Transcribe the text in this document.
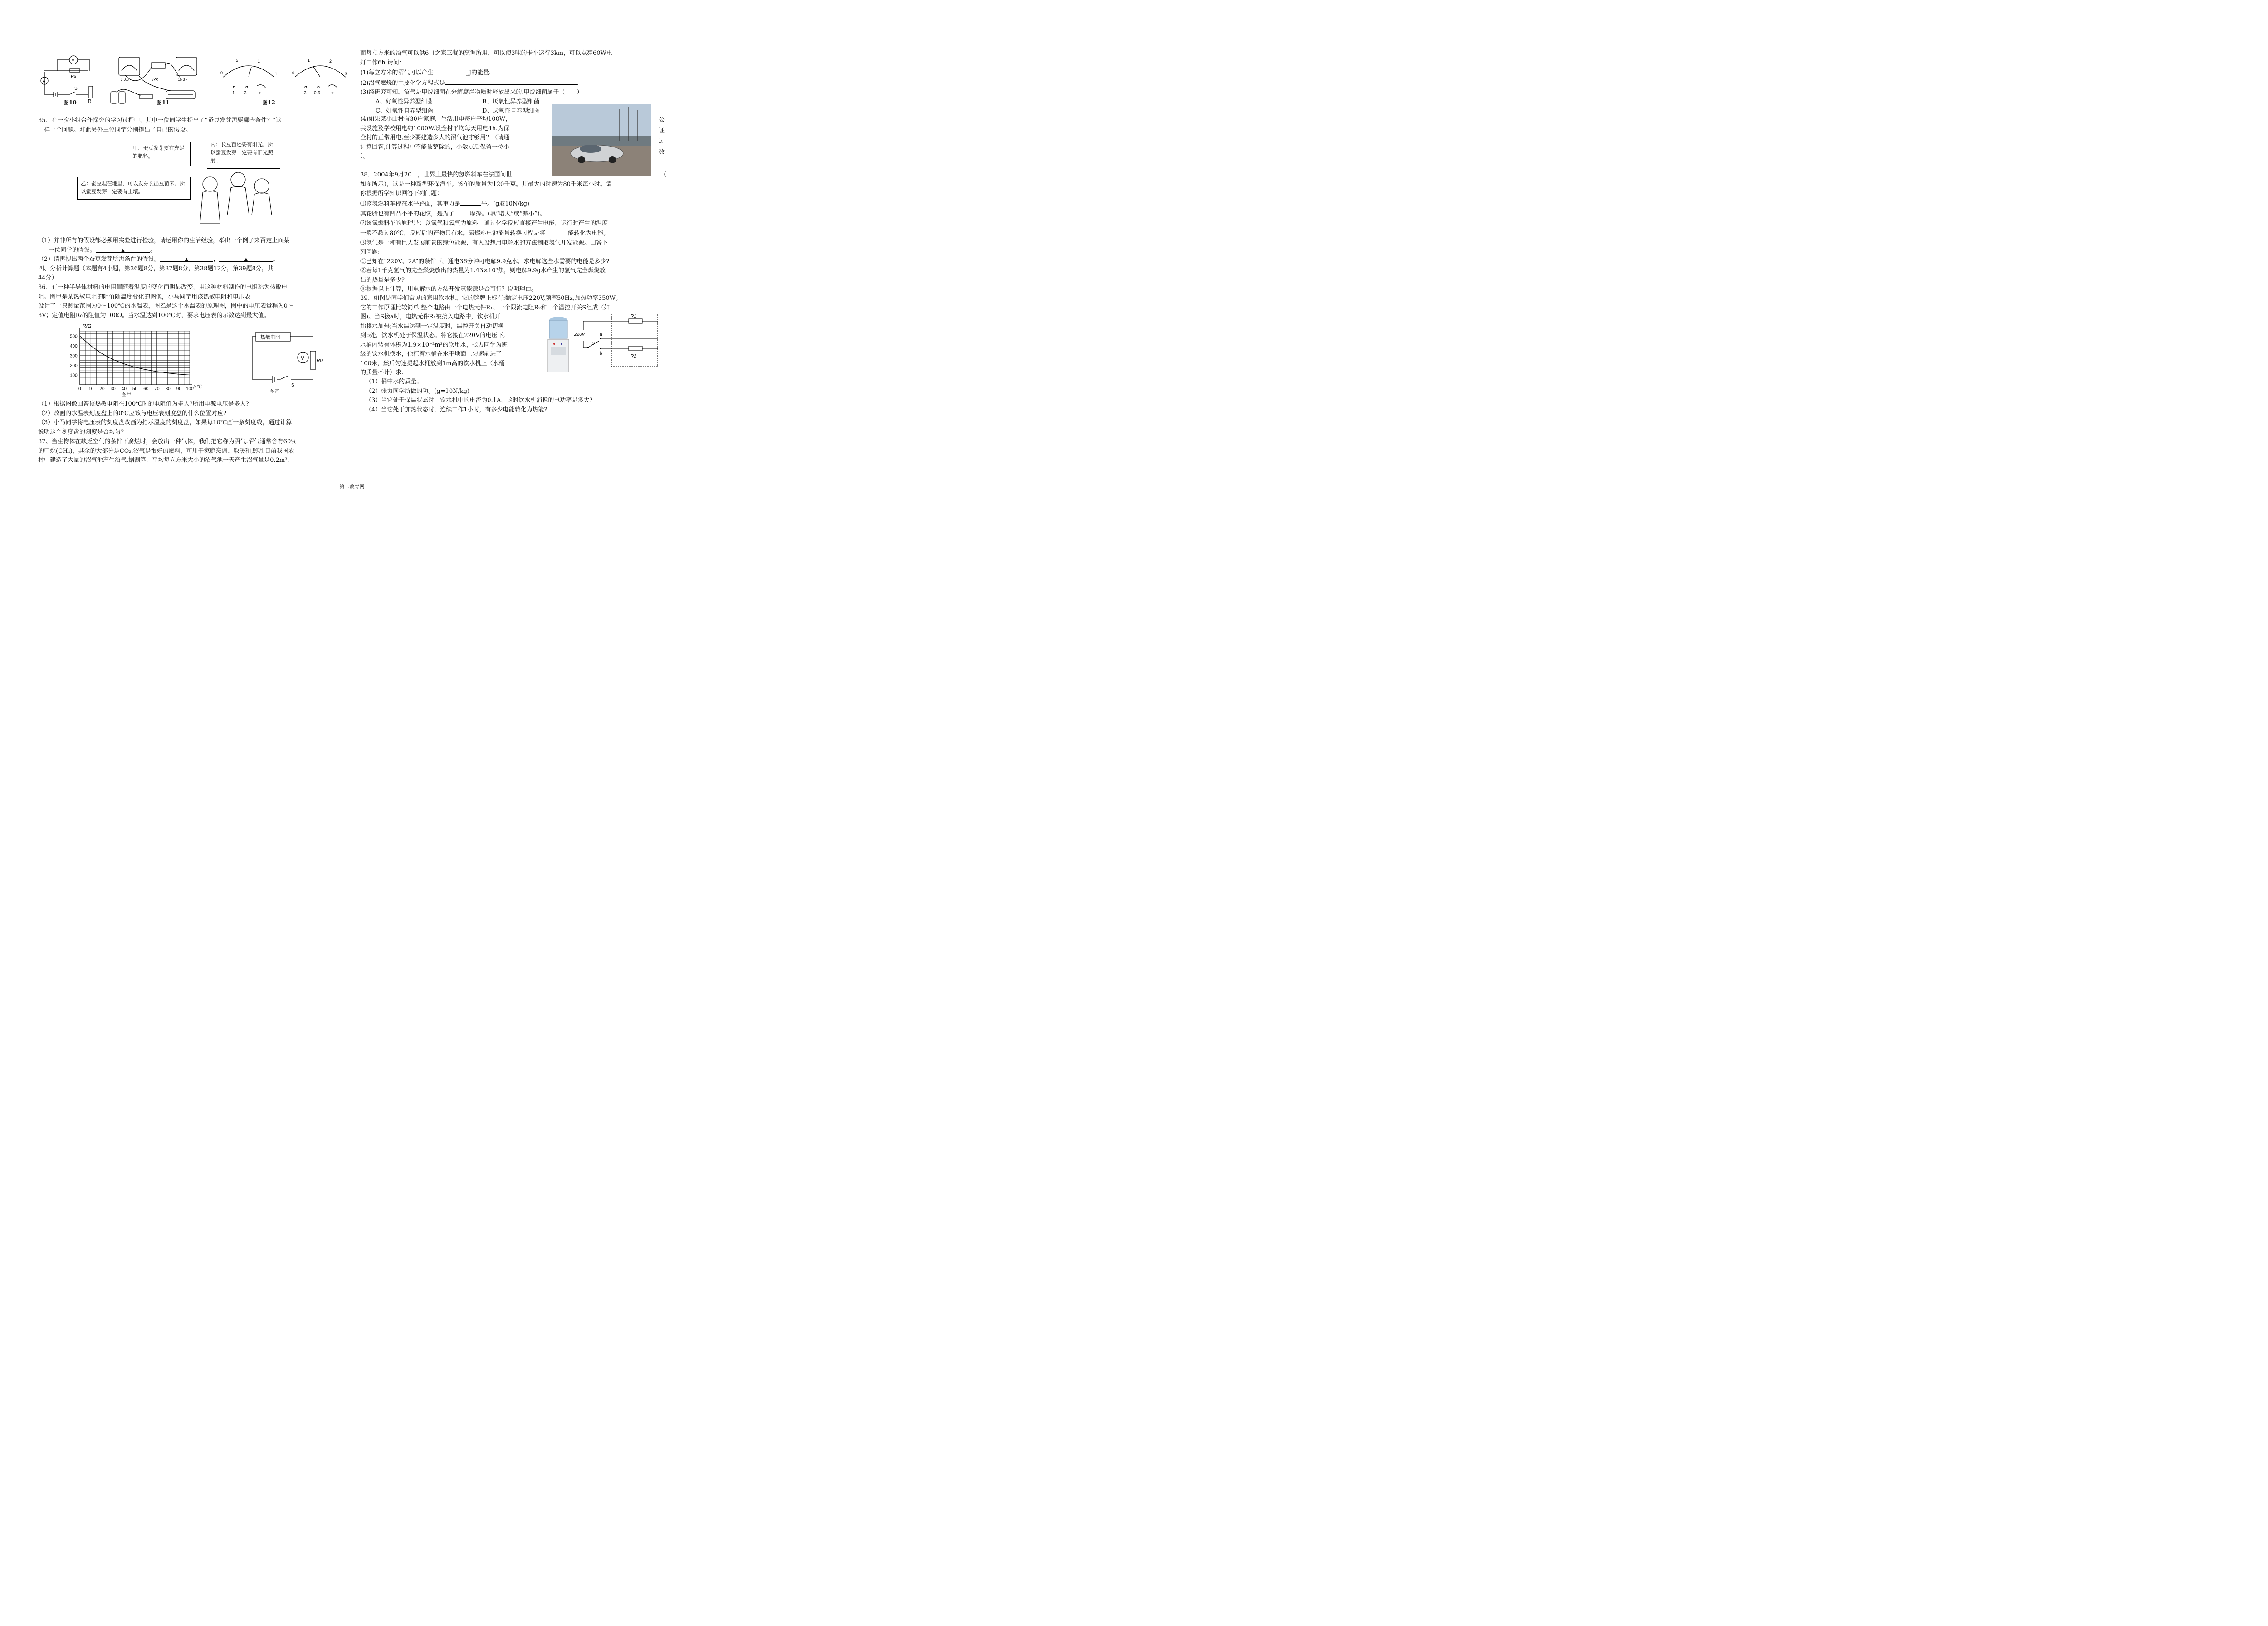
V
A
Rx
S
R
图10
Rx
3 0.6 -	15 3 -
图11
5	1
0	1
1	2
0	3
1 3	+	3 0.6 +
图12

35．在一次小组合作探究的学习过程中，其中一位同学生提出了“蚕豆发芽需要哪些条件？”这

样一个问题。对此另外三位同学分别提出了自己的假设。

甲：蚕豆发芽要有充足的肥料。
丙：长豆苗还要有阳光，所以蚕豆发芽一定要有阳光照射。
乙：蚕豆埋在地里，可以发芽长出豆苗来，所以蚕豆发芽一定要有土壤。

（1）并非所有的假设都必须用实验进行检验，请运用你的生活经验，举出一个例子来否定上面某

一位同学的假设。	▲	。

（2）请再提出两个蚕豆发芽所需条件的假设。	▲	，	▲	。

四、分析计算题（本题有4小题，第36题8分，第37题8分，第38题12分，第39题8分，共

44分）

36．有一种半导体材料的电阻值随着温度的变化而明显改变，用这种材料制作的电阻称为热敏电

阻。图甲是某热敏电阻的阻值随温度变化的图像，小马同学用该热敏电阻和电压表

设计了一只测量范围为0～100℃的水温表，图乙是这个水温表的原理图，图中的电压表量程为0～

3V；定值电阻R₀的阻值为100Ω。当水温达到100℃时，要求电压表的示数达到最大值。

0 10 20 30 40 50 60 70 80 90 100
100
200
300
400
500
R/Ω
t/℃
图甲
热敏电阻
V	R0
S
图乙

（1）根据图像回答该热敏电阻在100℃时的电阻值为多大?所用电源电压是多大?

（2）改画的水温表刻度盘上的0℃应该与电压表刻度盘的什么位置对应?

（3）小马同学将电压表的刻度盘改画为指示温度的刻度盘，如果每10℃画一条刻度线，通过计算

说明这个刻度盘的刻度是否均匀?

37、当生物体在缺乏空气的条件下腐烂时，会放出一种气体，我们把它称为沼气.沼气通常含有60％

的甲烷(CH₄)，其余的大部分是CO₂.沼气是很好的燃料，可用于家庭烹调、取暖和照明.目前我国农

村中建造了大量的沼气池产生沼气.据测算，平均每立方米大小的沼气池一天产生沼气量是0.2m³.

而每立方米的沼气可以供6口之家三餐的烹调所用，可以使3吨的卡车运行3km，可以点亮60W电

灯工作6h.请问：

(1)每立方米的沼气可以产生	_J的能量.

(2)沼气燃烧的主要化学方程式是	.

(3)经研究可知，沼气是甲烷细菌在分解腐烂物质时释放出来的.甲烷细菌属于（　　）

A、好氧性异养型细菌	B、厌氧性异养型细菌

C、好氧性自养型细菌	D、厌氧性自养型细菌

(4)如果某小山村有30户家庭，生活用电每户平均100W，

共设施及学校用电约1000W.设全村平均每天用电4h.为保

全村的正常用电,至少要建造多大的沼气池才够用？（请通

计算回答,计算过程中不能被整除的，小数点后保留一位小

）。

公

证

过

数

38．2004年9月20日，世界上最快的氢燃料车在法国问世	（

如图所示），这是一种新型环保汽车。该车的质量为120千克。其最大的时速为80千米每小时。请

你根据所学知识回答下列问题：

⑴该氢燃料车停在水平路面，其重力是	牛。(g取10N/kg)

其轮胎也有凹凸不平的花纹，是为了	摩擦。(填“增大”或“减小”)。

⑵该氢燃料车的原理是：以氢气和氧气为原料，通过化学反应直接产生电能，运行时产生的温度

一般不超过80℃，反应后的产物只有水。氢燃料电池能量转换过程是将	能转化为电能。

⑶氢气是一种有巨大发展前景的绿色能源，有人设想用电解水的方法制取氢气开发能源。回答下

列问题:

①已知在“220V、2A”的条件下，通电36分钟可电解9.9克水，求电解这些水需要的电能是多少?

②若每1千克氢气的完全燃烧放出的热量为1.43×10⁸焦，则电解9.9g水产生的氢气完全燃烧放

出的热量是多少?

③根据以上计算，用电解水的方法开发氢能源是否可行？说明理由。

39、如图是同学们常见的家用饮水机，它的铭牌上标有:额定电压220V,频率50Hz,加热功率350W。

它的工作原理比较简单:整个电路由一个电热元件R₁、一个限流电阻R₂和一个温控开关S组成（如

图)。当S接a时，电热元件R₁被接入电路中，饮水机开

始将水加热;当水温达到一定温度时，温控开关自动切换

到b处，饮水机处于保温状态。将它接在220V的电压下,

水桶内装有体积为1.9×10⁻²m³的饮用水，张力同学为班

级的饮水机换水，他扛着水桶在水平地面上匀速前进了

100米，然后匀速提起水桶放到1m高的饮水机上（水桶

的质量不计）求:

220V
R1
R2
S
a
b

（1）桶中水的质量。

（2）张力同学所做的功。(g=10N/kg)

（3）当它处于保温状态时，饮水机中的电流为0.1A，这时饮水机消耗的电功率是多大?

（4）当它处于加热状态时，连续工作1小时，有多少电能转化为热能?

第二教育网
